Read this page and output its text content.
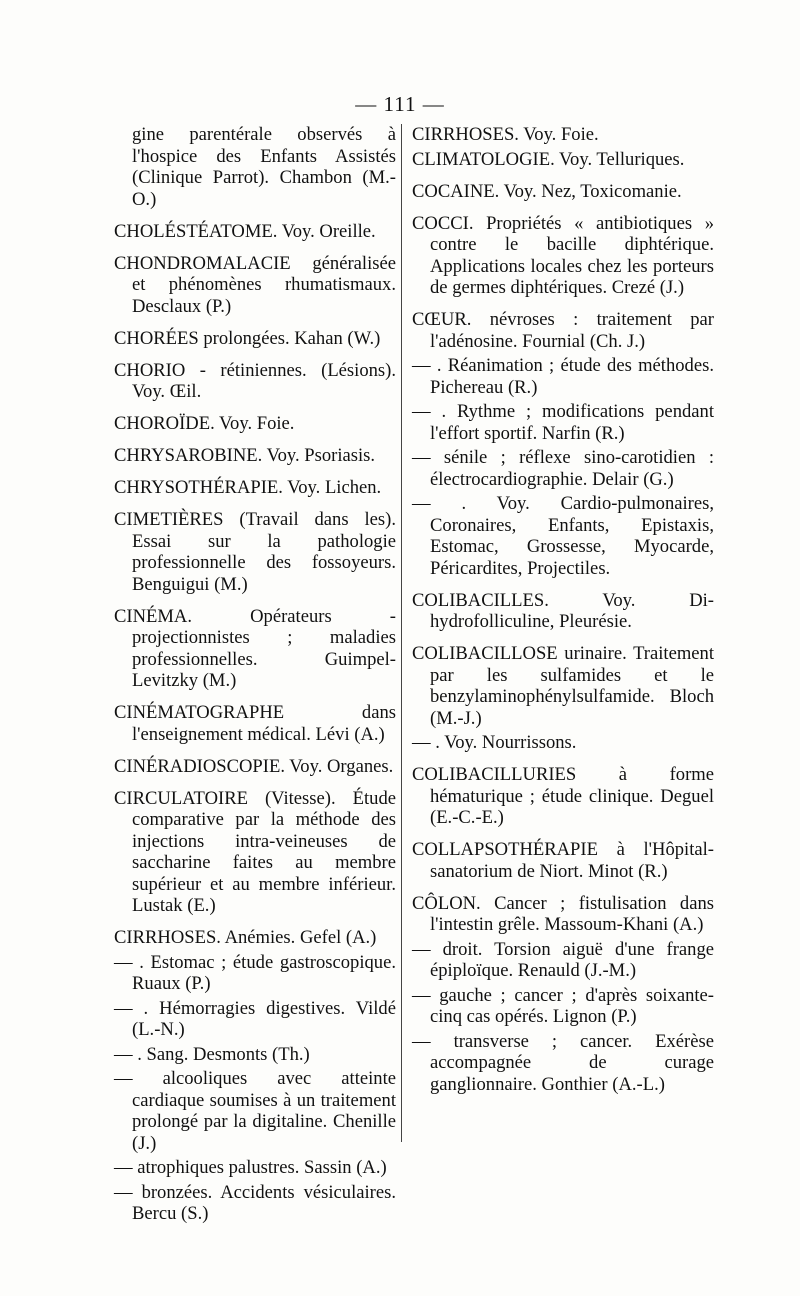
— 111 —

gine parentérale observés à l'hospice des Enfants Assistés (Clinique Parrot). Chambon (M.-O.)

CHOLÉSTÉATOME. Voy. Oreille.

CHONDROMALACIE généralisée et phénomènes rhumatismaux. Desclaux (P.)

CHORÉES prolongées. Kahan (W.)

CHORIO - rétiniennes. (Lésions). Voy. Œil.

CHOROÏDE. Voy. Foie.

CHRYSAROBINE. Voy. Psoriasis.

CHRYSOTHÉRAPIE. Voy. Lichen.

CIMETIÈRES (Travail dans les). Essai sur la pathologie professionnelle des fossoyeurs. Benguigui (M.)

CINÉMA. Opérateurs - projectionnistes ; maladies professionnelles. Guimpel-Levitzky (M.)

CINÉMATOGRAPHE dans l'enseignement médical. Lévi (A.)

CINÉRADIOSCOPIE. Voy. Organes.

CIRCULATOIRE (Vitesse). Étude comparative par la méthode des injections intra-veineuses de saccharine faites au membre supérieur et au membre inférieur. Lustak (E.)

CIRRHOSES. Anémies. Gefel (A.)

— . Estomac ; étude gastroscopique. Ruaux (P.)

— . Hémorragies digestives. Vildé (L.-N.)

— . Sang. Desmonts (Th.)

— alcooliques avec atteinte cardiaque soumises à un traitement prolongé par la digitaline. Chenille (J.)

— atrophiques palustres. Sassin (A.)

— bronzées. Accidents vésiculaires. Bercu (S.)

CIRRHOSES. Voy. Foie.

CLIMATOLOGIE. Voy. Telluriques.

COCAINE. Voy. Nez, Toxicomanie.

COCCI. Propriétés « antibiotiques » contre le bacille diphtérique. Applications locales chez les porteurs de germes diphtériques. Crezé (J.)

CŒUR. névroses : traitement par l'adénosine. Fournial (Ch. J.)

— . Réanimation ; étude des méthodes. Pichereau (R.)

— . Rythme ; modifications pendant l'effort sportif. Narfin (R.)

— sénile ; réflexe sino-carotidien : électrocardiographie. Delair (G.)

— . Voy. Cardio-pulmonaires, Coronaires, Enfants, Epistaxis, Estomac, Grossesse, Myocarde, Péricardites, Projectiles.

COLIBACILLES. Voy. Di-hydrofolliculine, Pleurésie.

COLIBACILLOSE urinaire. Traitement par les sulfamides et le benzylaminophénylsulfamide. Bloch (M.-J.)

— . Voy. Nourrissons.

COLIBACILLURIES à forme hématurique ; étude clinique. Deguel (E.-C.-E.)

COLLAPSOTHÉRAPIE à l'Hôpital-sanatorium de Niort. Minot (R.)

CÔLON. Cancer ; fistulisation dans l'intestin grêle. Massoum-Khani (A.)

— droit. Torsion aiguë d'une frange épiploïque. Renauld (J.-M.)

— gauche ; cancer ; d'après soixante-cinq cas opérés. Lignon (P.)

— transverse ; cancer. Exérèse accompagnée de curage ganglionnaire. Gonthier (A.-L.)
